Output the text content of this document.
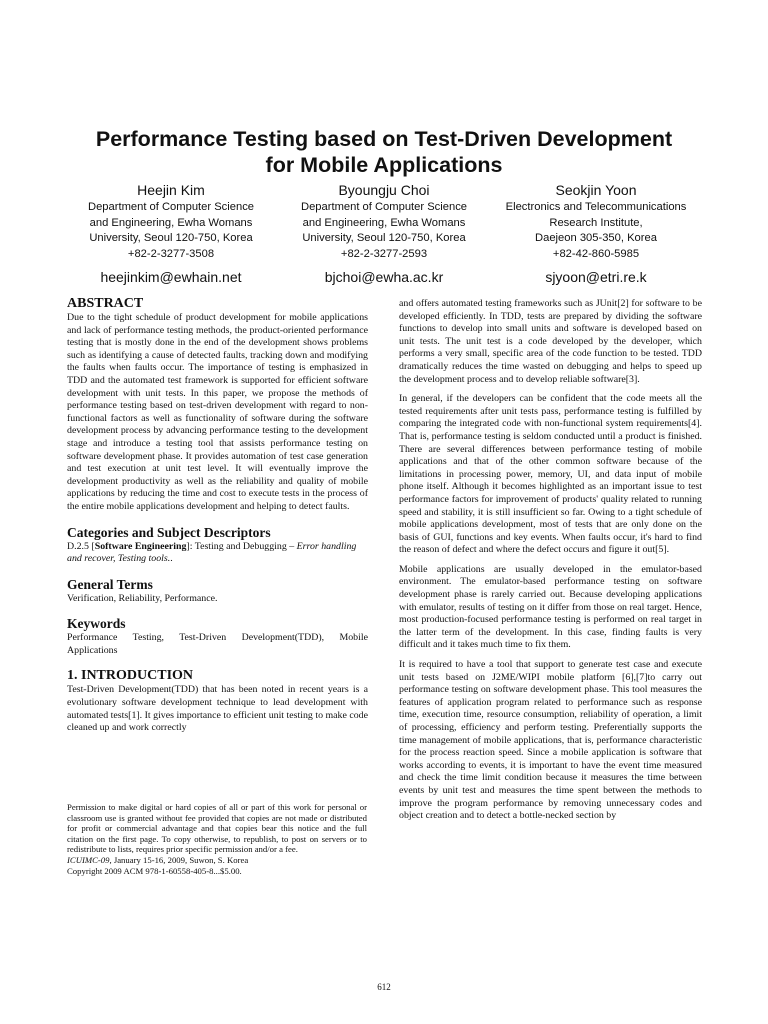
Performance Testing based on Test-Driven Development
for Mobile Applications
Heejin Kim
Department of Computer Science
and Engineering, Ewha Womans
University, Seoul 120-750, Korea
+82-2-3277-3508
heejinkim@ewhain.net
Byoungju Choi
Department of Computer Science
and Engineering, Ewha Womans
University, Seoul 120-750, Korea
+82-2-3277-2593
bjchoi@ewha.ac.kr
Seokjin Yoon
Electronics and Telecommunications
Research Institute,
Daejeon 305-350, Korea
+82-42-860-5985
sjyoon@etri.re.k
ABSTRACT

Due to the tight schedule of product development for mobile applications and lack of performance testing methods, the product-oriented performance testing that is mostly done in the end of the development shows problems such as identifying a cause of detected faults, tracking down and modifying the faults when faults occur. The importance of testing is emphasized in TDD and the automated test framework is supported for efficient software development with unit tests. In this paper, we propose the methods of performance testing based on test-driven development with regard to non-functional factors as well as functionality of software during the software development process by advancing performance testing to the development stage and introduce a testing tool that assists performance testing on software development phase. It provides automation of test case generation and test execution at unit test level. It will eventually improve the development productivity as well as the reliability and quality of mobile applications by reducing the time and cost to execute tests in the process of the entire mobile applications development and helping to detect faults.

Categories and Subject Descriptors

D.2.5 [Software Engineering]: Testing and Debugging – Error handling and recover, Testing tools..

General Terms

Verification, Reliability, Performance.

Keywords

Performance Testing, Test-Driven Development(TDD), Mobile Applications

1. INTRODUCTION

Test-Driven Development(TDD) that has been noted in recent years is a evolutionary software development technique to lead development with automated tests[1]. It gives importance to efficient unit testing to make code cleaned up and work correctly

Permission to make digital or hard copies of all or part of this work for personal or classroom use is granted without fee provided that copies are not made or distributed for profit or commercial advantage and that copies bear this notice and the full citation on the first page. To copy otherwise, to republish, to post on servers or to redistribute to lists, requires prior specific permission and/or a fee.

ICUIMC-09, January 15-16, 2009, Suwon, S. Korea

Copyright 2009 ACM 978-1-60558-405-8...$5.00.

and offers automated testing frameworks such as JUnit[2] for software to be developed efficiently. In TDD, tests are prepared by dividing the software functions to develop into small units and software is developed based on unit tests. The unit test is a code developed by the developer, which performs a very small, specific area of the code function to be tested. TDD dramatically reduces the time wasted on debugging and helps to speed up the development process and to develop reliable software[3].

In general, if the developers can be confident that the code meets all the tested requirements after unit tests pass, performance testing is fulfilled by comparing the integrated code with non-functional system requirements[4]. That is, performance testing is seldom conducted until a product is finished. There are several differences between performance testing of mobile applications and that of the other common software because of the limitations in processing power, memory, UI, and data input of mobile phone itself. Although it becomes highlighted as an important issue to test performance factors for improvement of products' quality related to running speed and stability, it is still insufficient so far. Owing to a tight schedule of mobile applications development, most of tests that are only done on the basis of GUI, functions and key events. When faults occur, it's hard to find the reason of defect and where the defect occurs and figure it out[5].

Mobile applications are usually developed in the emulator-based environment. The emulator-based performance testing on software development phase is rarely carried out. Because developing applications with emulator, results of testing on it differ from those on real target. Hence, most production-focused performance testing is performed on real target in the latter term of the development. In this case, finding faults is very difficult and it takes much time to fix them.

It is required to have a tool that support to generate test case and execute unit tests based on J2ME/WIPI mobile platform [6],[7]to carry out performance testing on software development phase. This tool measures the features of application program related to performance such as response time, execution time, resource consumption, reliability of operation, a limit of processing, efficiency and perform testing. Preferentially supports the time management of mobile applications, that is, performance characteristic for the process reaction speed. Since a mobile application is software that works according to events, it is important to have the event time measured and check the time limit condition because it measures the time between events by unit test and measures the time spent between the methods to improve the program performance by removing unnecessary codes and object creation and to detect a bottle-necked section by

612
